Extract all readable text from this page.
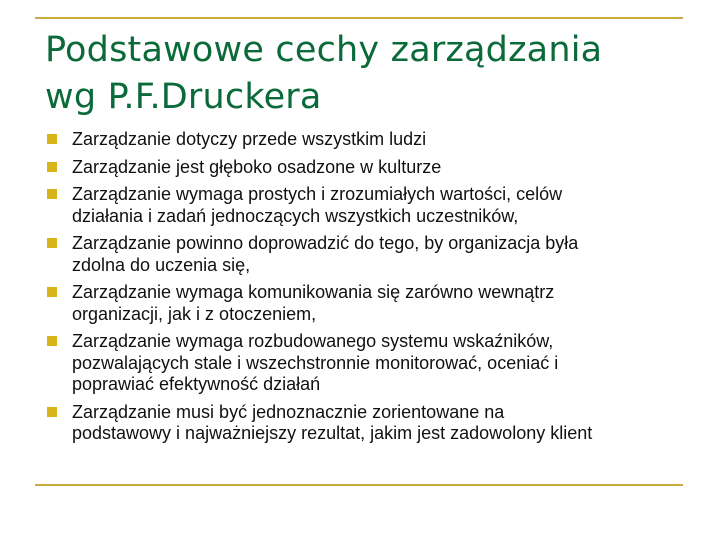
Podstawowe cechy zarządzania
wg P.F.Druckera
Zarządzanie dotyczy przede wszystkim ludzi
Zarządzanie jest głęboko osadzone w kulturze
Zarządzanie wymaga prostych i zrozumiałych wartości, celów
działania i zadań jednoczących wszystkich uczestników,
Zarządzanie powinno doprowadzić do tego, by organizacja była
zdolna do uczenia się,
Zarządzanie wymaga komunikowania się zarówno wewnątrz
organizacji, jak i z otoczeniem,
Zarządzanie wymaga rozbudowanego systemu wskaźników,
pozwalających stale i wszechstronnie monitorować, oceniać i
poprawiać efektywność działań
Zarządzanie musi być jednoznacznie zorientowane na
podstawowy i najważniejszy rezultat, jakim jest zadowolony klient
